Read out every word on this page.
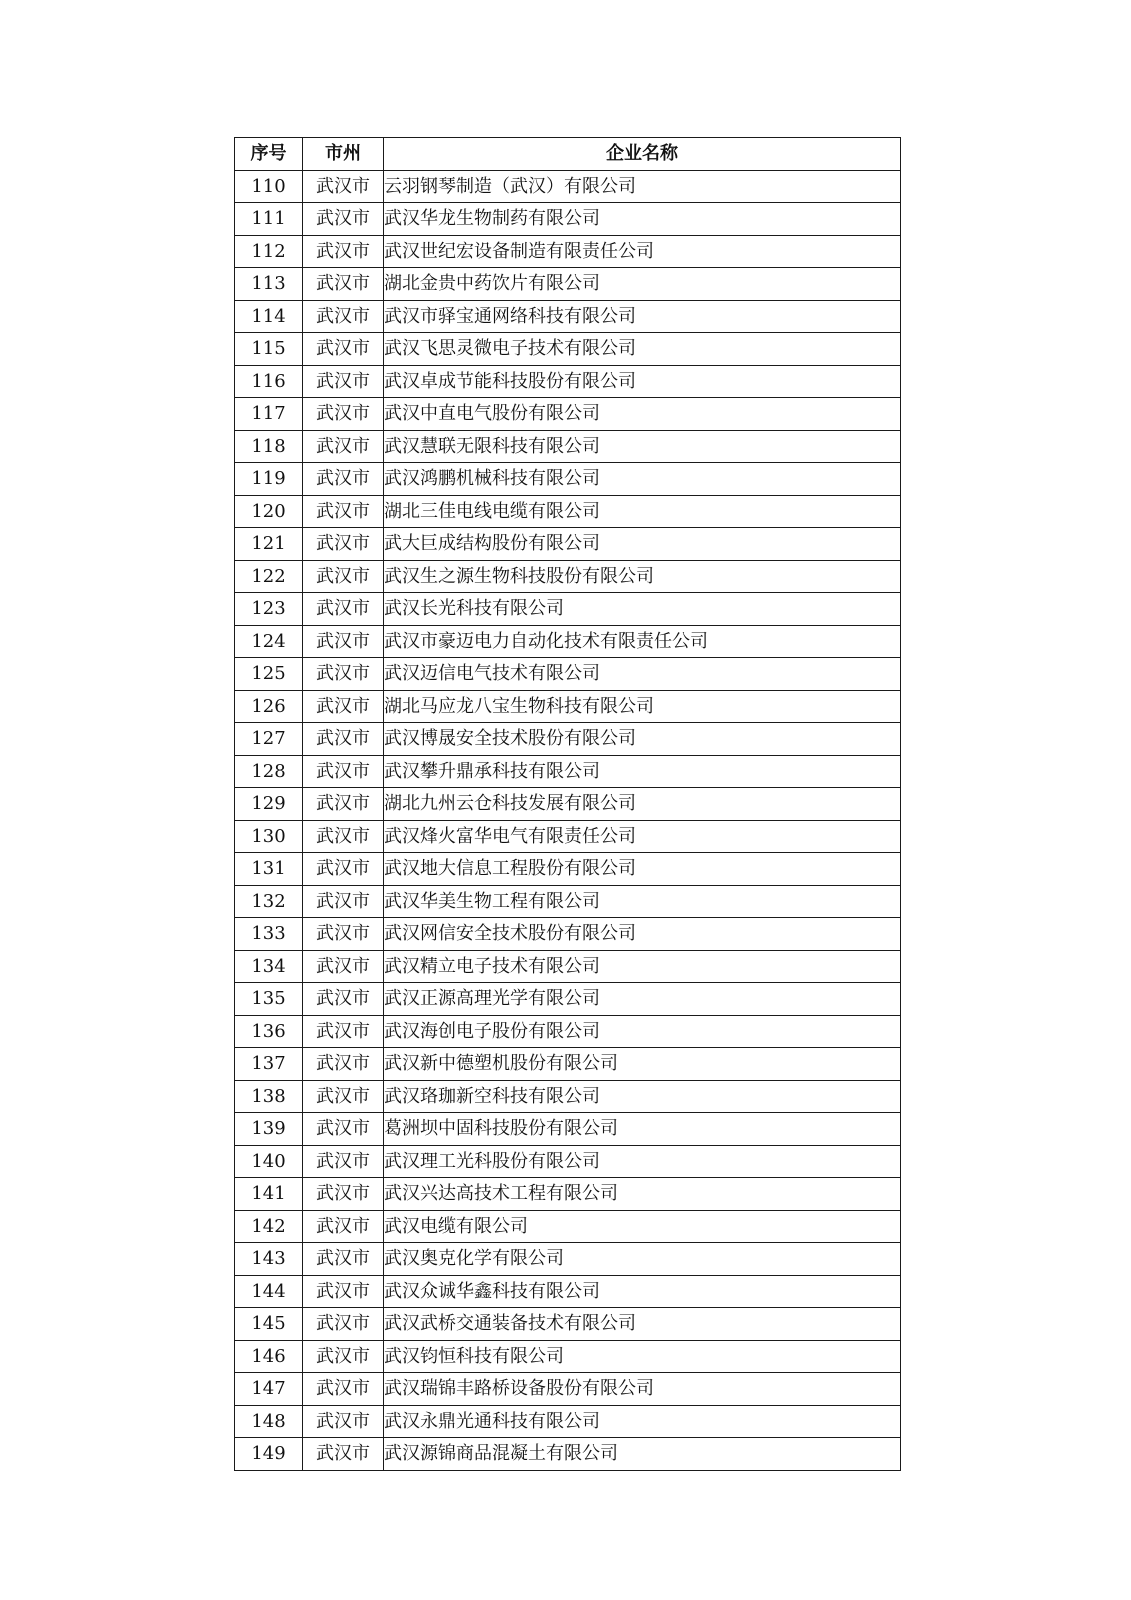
序号	市州	企业名称
110	武汉市	云羽钢琴制造（武汉）有限公司
111	武汉市	武汉华龙生物制药有限公司
112	武汉市	武汉世纪宏设备制造有限责任公司
113	武汉市	湖北金贵中药饮片有限公司
114	武汉市	武汉市驿宝通网络科技有限公司
115	武汉市	武汉飞思灵微电子技术有限公司
116	武汉市	武汉卓成节能科技股份有限公司
117	武汉市	武汉中直电气股份有限公司
118	武汉市	武汉慧联无限科技有限公司
119	武汉市	武汉鸿鹏机械科技有限公司
120	武汉市	湖北三佳电线电缆有限公司
121	武汉市	武大巨成结构股份有限公司
122	武汉市	武汉生之源生物科技股份有限公司
123	武汉市	武汉长光科技有限公司
124	武汉市	武汉市豪迈电力自动化技术有限责任公司
125	武汉市	武汉迈信电气技术有限公司
126	武汉市	湖北马应龙八宝生物科技有限公司
127	武汉市	武汉博晟安全技术股份有限公司
128	武汉市	武汉攀升鼎承科技有限公司
129	武汉市	湖北九州云仓科技发展有限公司
130	武汉市	武汉烽火富华电气有限责任公司
131	武汉市	武汉地大信息工程股份有限公司
132	武汉市	武汉华美生物工程有限公司
133	武汉市	武汉网信安全技术股份有限公司
134	武汉市	武汉精立电子技术有限公司
135	武汉市	武汉正源高理光学有限公司
136	武汉市	武汉海创电子股份有限公司
137	武汉市	武汉新中德塑机股份有限公司
138	武汉市	武汉珞珈新空科技有限公司
139	武汉市	葛洲坝中固科技股份有限公司
140	武汉市	武汉理工光科股份有限公司
141	武汉市	武汉兴达高技术工程有限公司
142	武汉市	武汉电缆有限公司
143	武汉市	武汉奥克化学有限公司
144	武汉市	武汉众诚华鑫科技有限公司
145	武汉市	武汉武桥交通装备技术有限公司
146	武汉市	武汉钧恒科技有限公司
147	武汉市	武汉瑞锦丰路桥设备股份有限公司
148	武汉市	武汉永鼎光通科技有限公司
149	武汉市	武汉源锦商品混凝土有限公司
